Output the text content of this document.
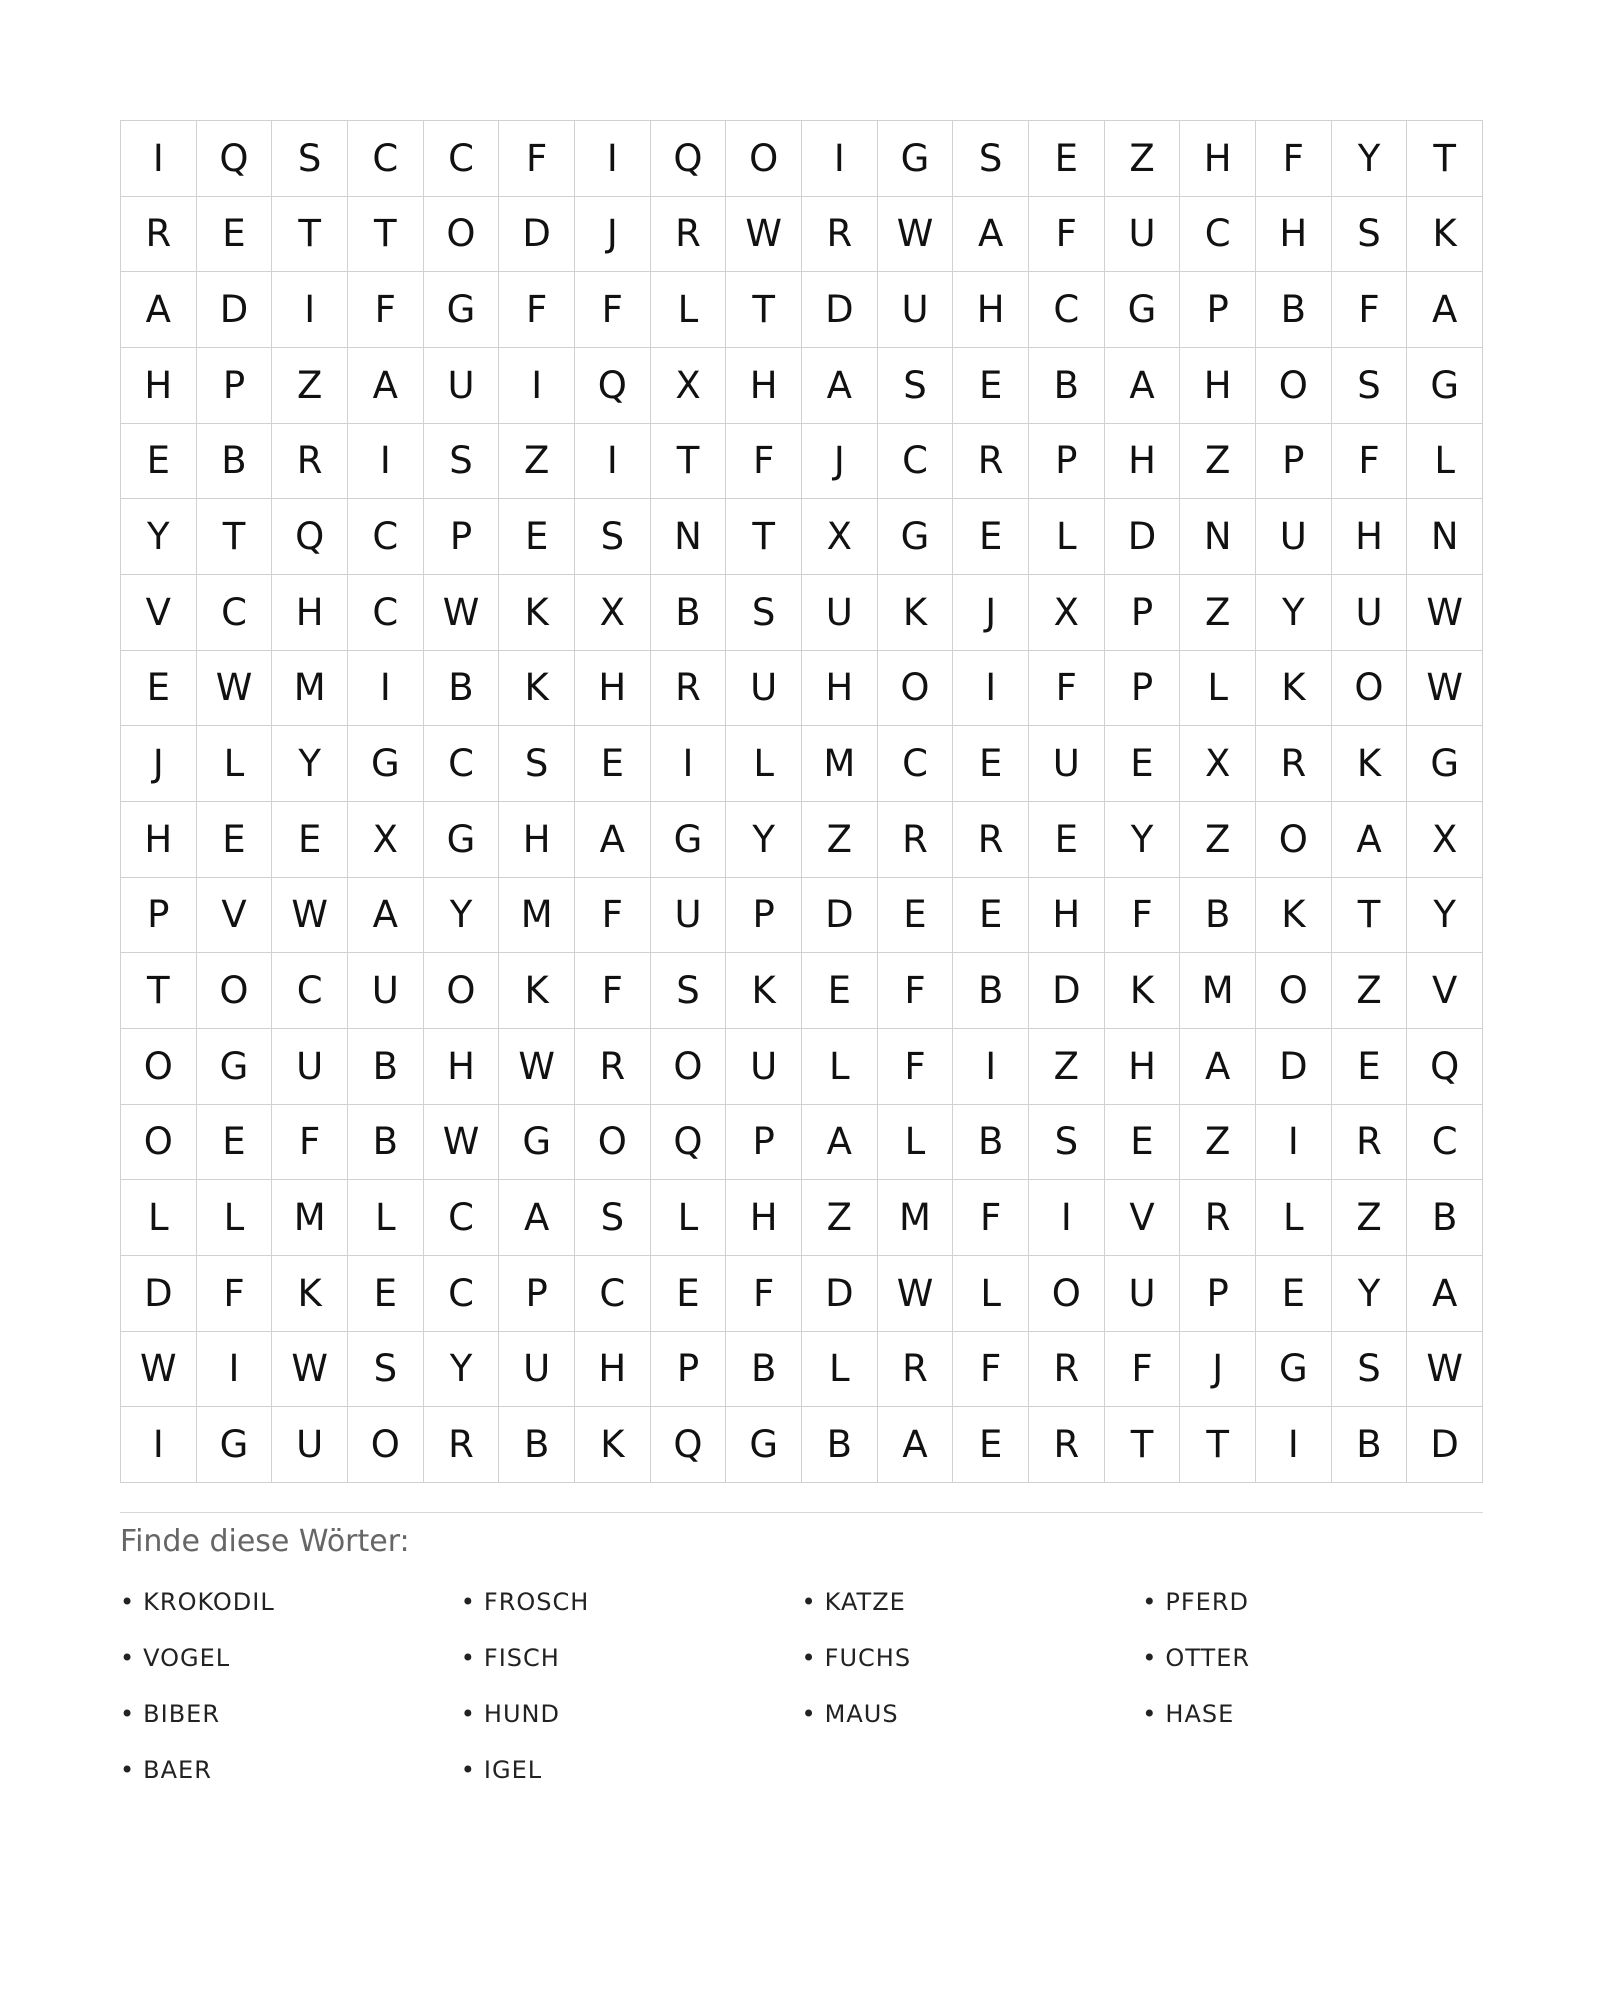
I	Q	S	C	C	F	I	Q	O	I	G	S	E	Z	H	F	Y	T
R	E	T	T	O	D	J	R	W	R	W	A	F	U	C	H	S	K
A	D	I	F	G	F	F	L	T	D	U	H	C	G	P	B	F	A
H	P	Z	A	U	I	Q	X	H	A	S	E	B	A	H	O	S	G
E	B	R	I	S	Z	I	T	F	J	C	R	P	H	Z	P	F	L
Y	T	Q	C	P	E	S	N	T	X	G	E	L	D	N	U	H	N
V	C	H	C	W	K	X	B	S	U	K	J	X	P	Z	Y	U	W
E	W	M	I	B	K	H	R	U	H	O	I	F	P	L	K	O	W
J	L	Y	G	C	S	E	I	L	M	C	E	U	E	X	R	K	G
H	E	E	X	G	H	A	G	Y	Z	R	R	E	Y	Z	O	A	X
P	V	W	A	Y	M	F	U	P	D	E	E	H	F	B	K	T	Y
T	O	C	U	O	K	F	S	K	E	F	B	D	K	M	O	Z	V
O	G	U	B	H	W	R	O	U	L	F	I	Z	H	A	D	E	Q
O	E	F	B	W	G	O	Q	P	A	L	B	S	E	Z	I	R	C
L	L	M	L	C	A	S	L	H	Z	M	F	I	V	R	L	Z	B
D	F	K	E	C	P	C	E	F	D	W	L	O	U	P	E	Y	A
W	I	W	S	Y	U	H	P	B	L	R	F	R	F	J	G	S	W
I	G	U	O	R	B	K	Q	G	B	A	E	R	T	T	I	B	D
Finde diese Wörter:
• KROKODIL	• FROSCH	• KATZE	• PFERD
• VOGEL	• FISCH	• FUCHS	• OTTER
• BIBER	• HUND	• MAUS	• HASE
• BAER	• IGEL
